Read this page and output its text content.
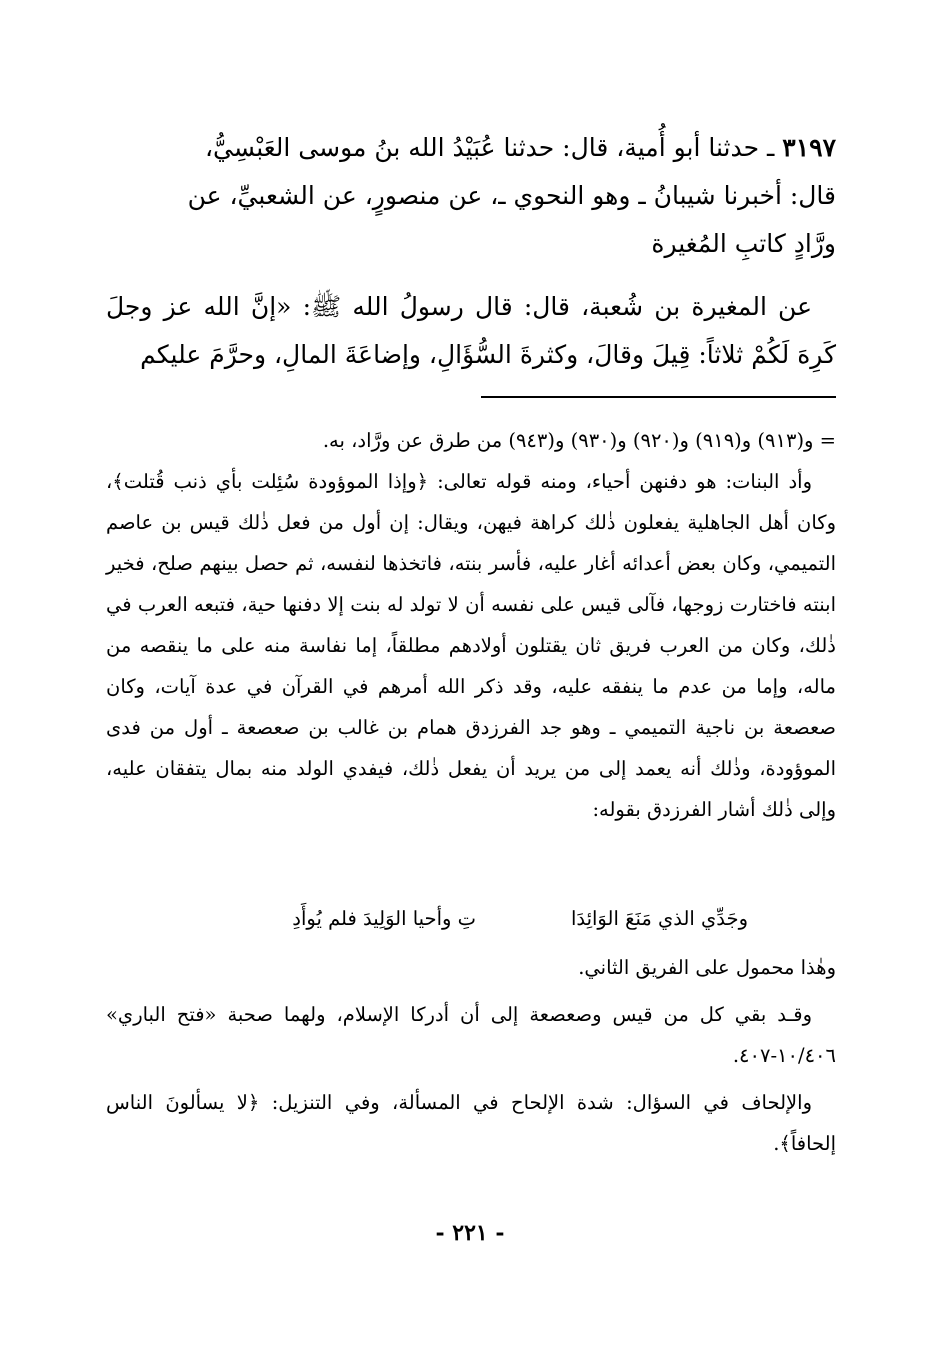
٣١٩٧ ـ حدثنا أبو أُمية، قال: حدثنا عُبَيْدُ الله بنُ موسى العَبْسِيُّ،
قال: أخبرنا شيبانُ ـ وهو النحوي ـ، عن منصورٍ، عن الشعبيِّ، عن
ورَّادٍ كاتبِ المُغيرة
عن المغيرة بن شُعبة، قال: قال رسولُ الله ﷺ: «إنَّ الله عز وجلَ كَرِهَ لَكُمْ ثلاثاً: قِيلَ وقالَ، وكثرةَ السُّؤَالِ، وإضاعَةَ المالِ، وحرَّمَ عليكم
= و(٩١٣) و(٩١٩) و(٩٢٠) و(٩٣٠) و(٩٤٣) من طرق عن ورَّاد، به.
وأد البنات: هو دفنهن أحياء، ومنه قوله تعالى: ﴿وإذا الموؤودة سُئِلت بأي ذنب قُتلت﴾، وكان أهل الجاهلية يفعلون ذٰلك كراهة فيهن، ويقال: إن أول من فعل ذٰلك قيس بن عاصم التميمي، وكان بعض أعدائه أغار عليه، فأسر بنته، فاتخذها لنفسه، ثم حصل بينهم صلح، فخير ابنته فاختارت زوجها، فآلى قيس على نفسه أن لا تولد له بنت إلا دفنها حية، فتبعه العرب في ذٰلك، وكان من العرب فريق ثان يقتلون أولادهم مطلقاً، إما نفاسة منه على ما ينقصه من ماله، وإما من عدم ما ينفقه عليه، وقد ذكر الله أمرهم في القرآن في عدة آيات، وكان صعصعة بن ناجية التميمي ـ وهو جد الفرزدق همام بن غالب بن صعصعة ـ أول من فدى الموؤودة، وذٰلك أنه يعمد إلى من يريد أن يفعل ذٰلك، فيفدي الولد منه بمال يتفقان عليه، وإلى ذٰلك أشار الفرزدق بقوله:
وجَدِّي الذي مَنَعَ الوَائِدَا
تِ وأحيا الوَلِيدَ فلم يُوأَدِ
وهٰذا محمول على الفريق الثاني.
وقـد بقي كل من قيس وصعصعة إلى أن أدركا الإسلام، ولهما صحبة «فتح الباري» ١٠/٤٠٦-٤٠٧.
والإلحاف في السؤال: شدة الإلحاح في المسألة، وفي التنزيل: ﴿لا يسألونَ الناس إلحافاً﴾.
- ٢٢١ -
